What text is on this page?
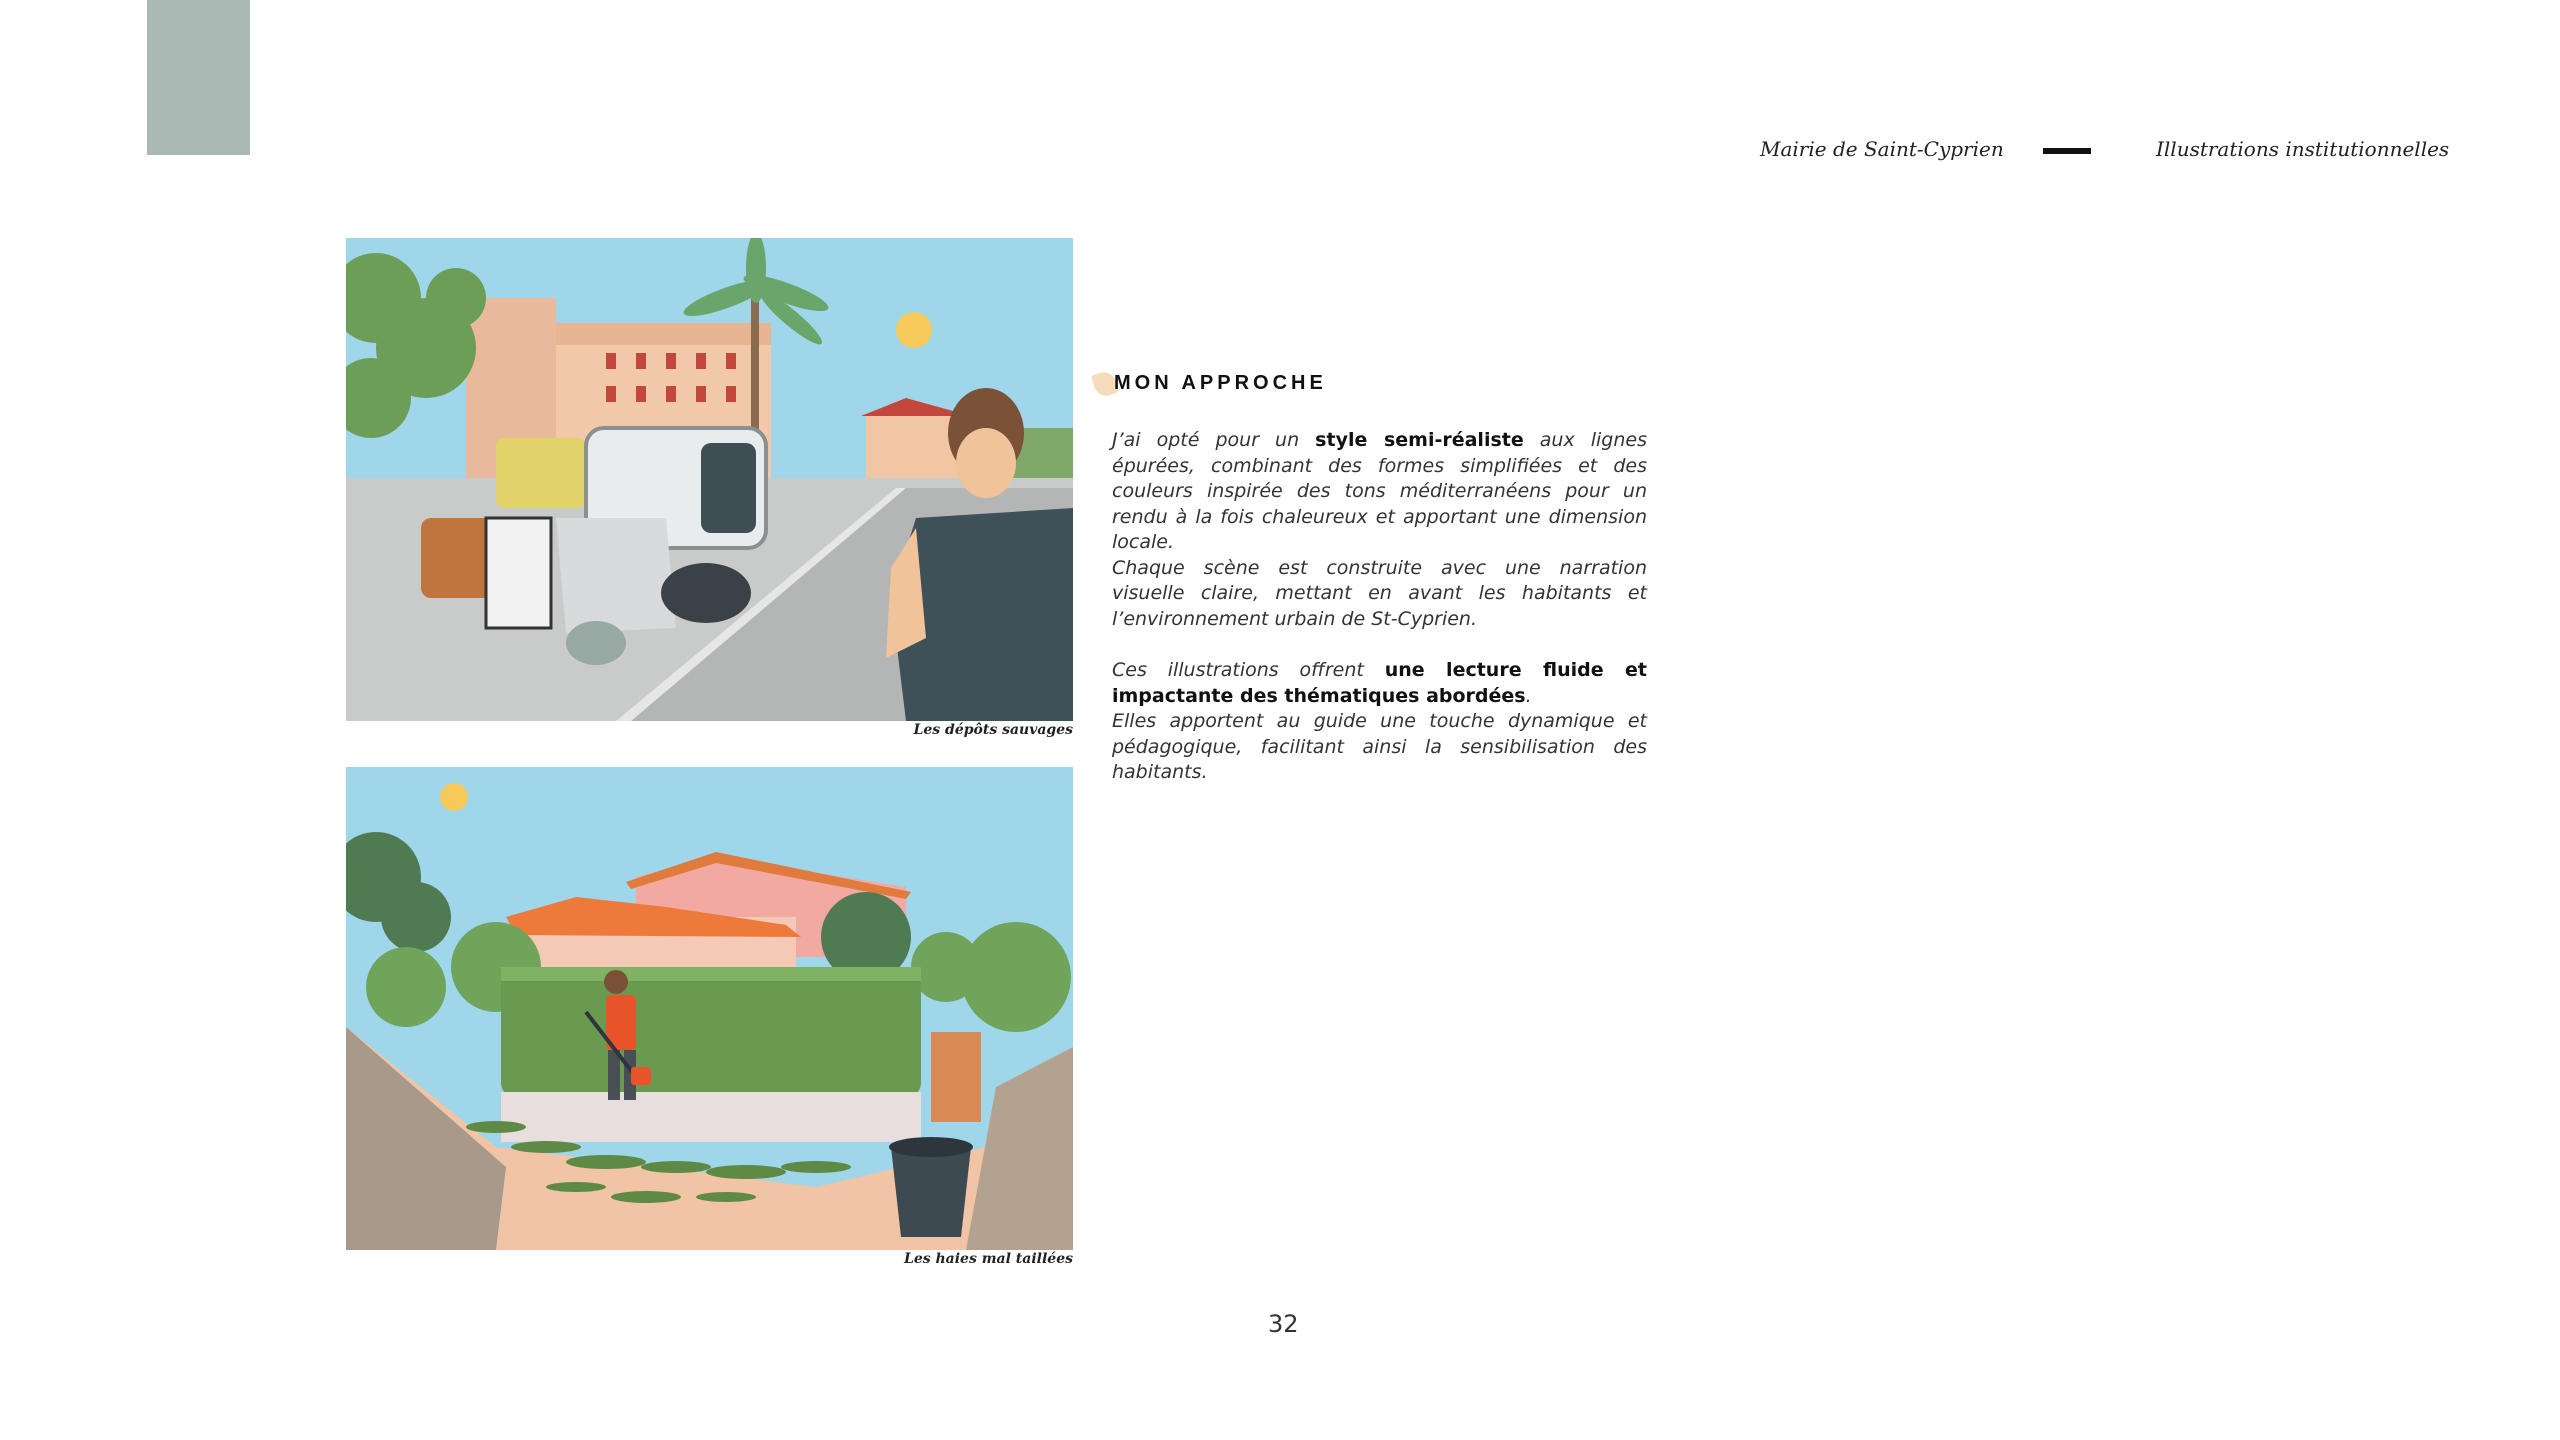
Mairie de Saint-Cyprien	Illustrations institutionnelles
Les dépôts sauvages
Les haies mal taillées
MON APPROCHE

J’ai opté pour un style semi-réaliste aux lignes épurées, combinant des formes simplifiées et des couleurs inspirée des tons méditerranéens pour un rendu à la fois chaleureux et apportant une dimension locale.

Chaque scène est construite avec une narration visuelle claire, mettant en avant les habitants et l’environnement urbain de St-Cyprien.

Ces illustrations offrent une lecture fluide et impactante des thématiques abordées.

Elles apportent au guide une touche dynamique et pédagogique, facilitant ainsi la sensibilisation des habitants.

32
